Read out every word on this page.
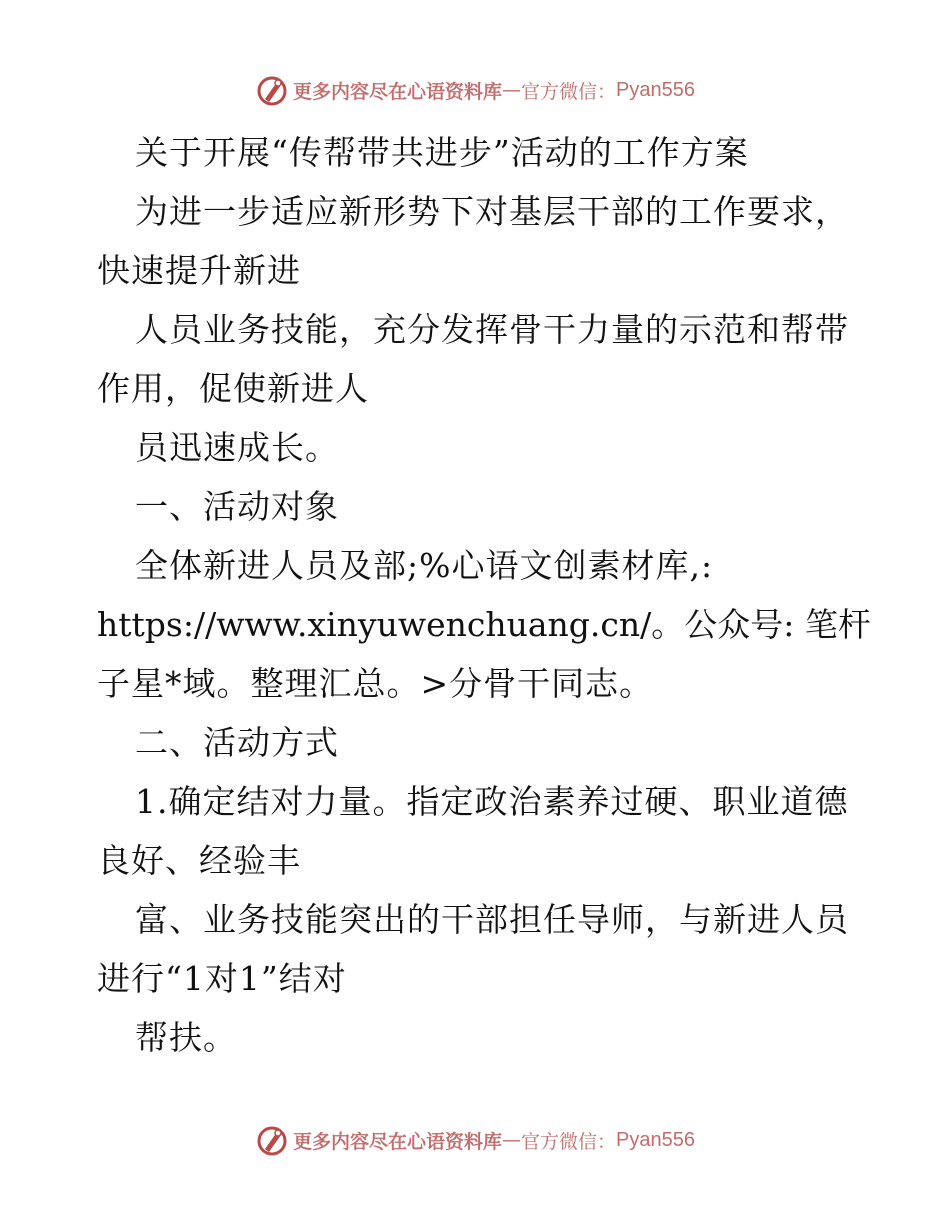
更多内容尽在心语资料库 — 官方微信： Pyan556
关于开展“传帮带共进步”活动的工作方案
为进一步适应新形势下对基层干部的工作要求，
快速提升新进
人员业务技能，充分发挥骨干力量的示范和帮带
作用，促使新进人
员迅速成长。
一、活动对象
全体新进人员及部;%心语文创素材库,:
https://www.xinyuwenchuang.cn/。公众号: 笔杆
子星*域。整理汇总。>分骨干同志。
二、活动方式
1.确定结对力量。指定政治素养过硬、职业道德
良好、经验丰
富、业务技能突出的干部担任导师，与新进人员
进行“1对1”结对
帮扶。
更多内容尽在心语资料库 — 官方微信： Pyan556
